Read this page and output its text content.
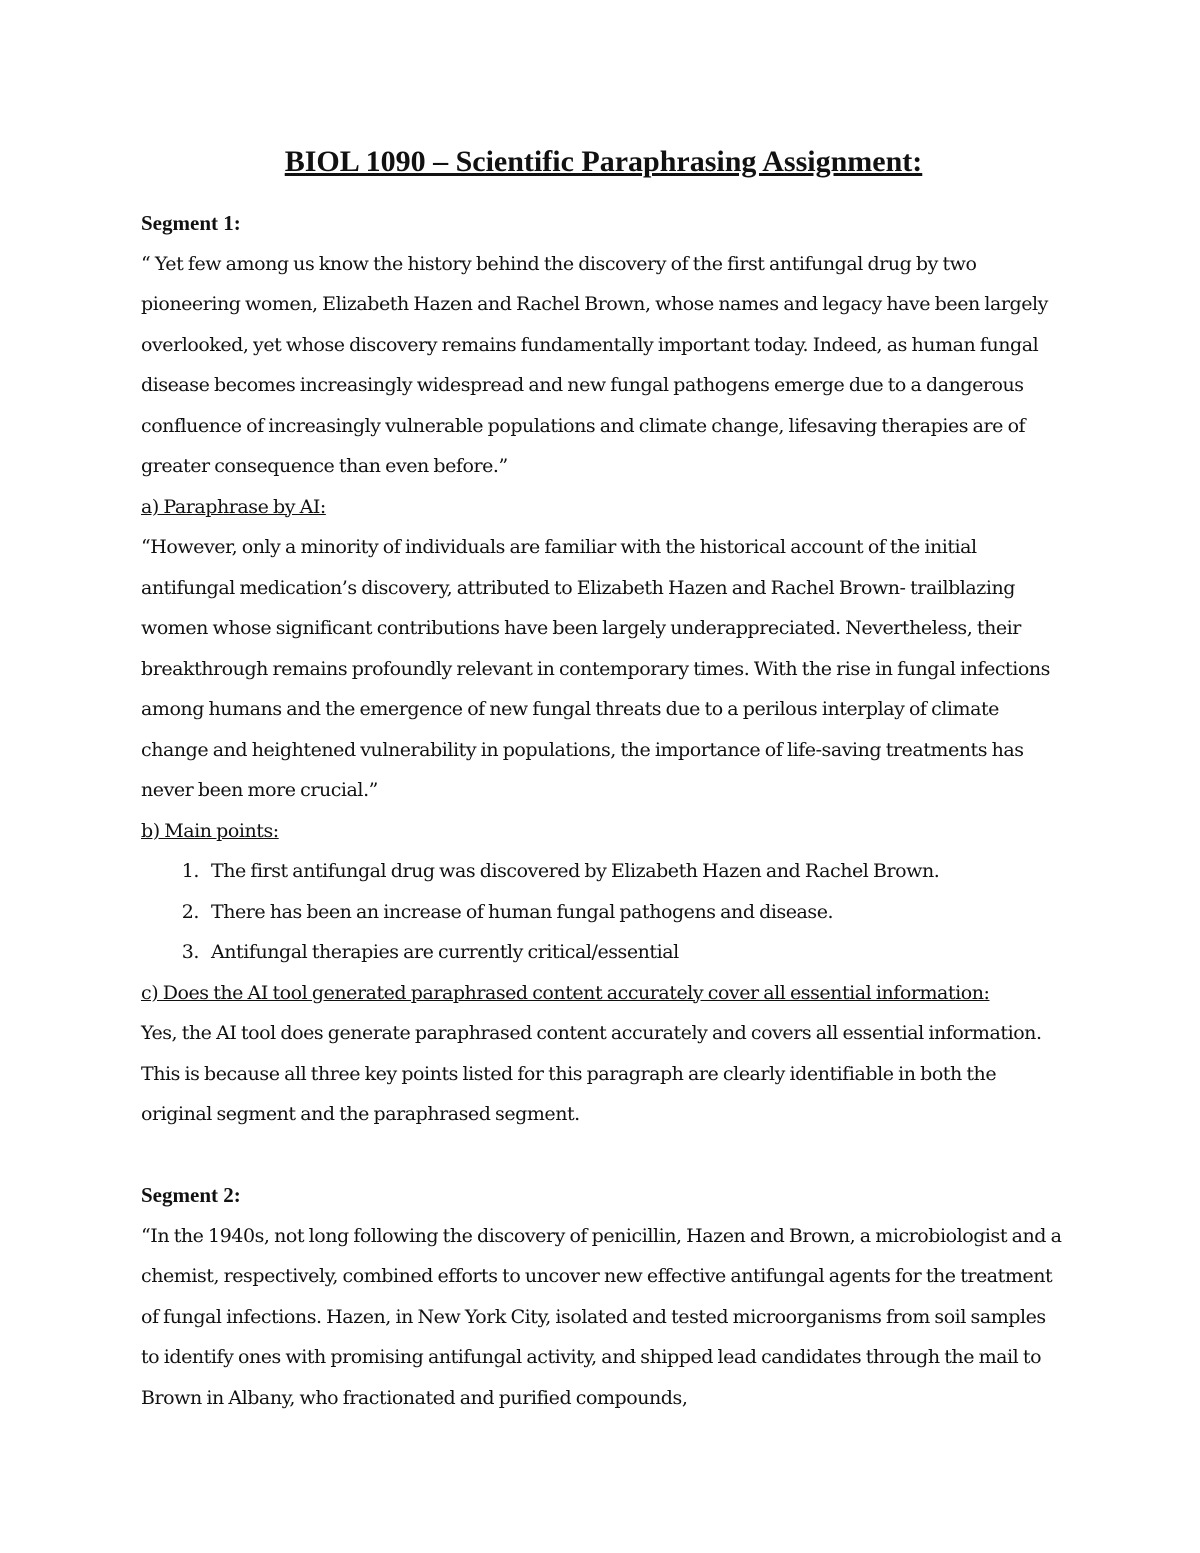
BIOL 1090 – Scientific Paraphrasing Assignment:

Segment 1:

“ Yet few among us know the history behind the discovery of the first antifungal drug by two pioneering women, Elizabeth Hazen and Rachel Brown, whose names and legacy have been largely overlooked, yet whose discovery remains fundamentally important today. Indeed, as human fungal disease becomes increasingly widespread and new fungal pathogens emerge due to a dangerous confluence of increasingly vulnerable populations and climate change, lifesaving therapies are of greater consequence than even before.”

a) Paraphrase by AI:

“However, only a minority of individuals are familiar with the historical account of the initial antifungal medication’s discovery, attributed to Elizabeth Hazen and Rachel Brown- trailblazing women whose significant contributions have been largely underappreciated. Nevertheless, their breakthrough remains profoundly relevant in contemporary times. With the rise in fungal infections among humans and the emergence of new fungal threats due to a perilous interplay of climate change and heightened vulnerability in populations, the importance of life-saving treatments has never been more crucial.”

b) Main points:

1. The first antifungal drug was discovered by Elizabeth Hazen and Rachel Brown.
2. There has been an increase of human fungal pathogens and disease.
3. Antifungal therapies are currently critical/essential

c) Does the AI tool generated paraphrased content accurately cover all essential information:

Yes, the AI tool does generate paraphrased content accurately and covers all essential information. This is because all three key points listed for this paragraph are clearly identifiable in both the original segment and the paraphrased segment.

Segment 2:

“In the 1940s, not long following the discovery of penicillin, Hazen and Brown, a microbiologist and a chemist, respectively, combined efforts to uncover new effective antifungal agents for the treatment of fungal infections. Hazen, in New York City, isolated and tested microorganisms from soil samples to identify ones with promising antifungal activity, and shipped lead candidates through the mail to Brown in Albany, who fractionated and purified compounds,
